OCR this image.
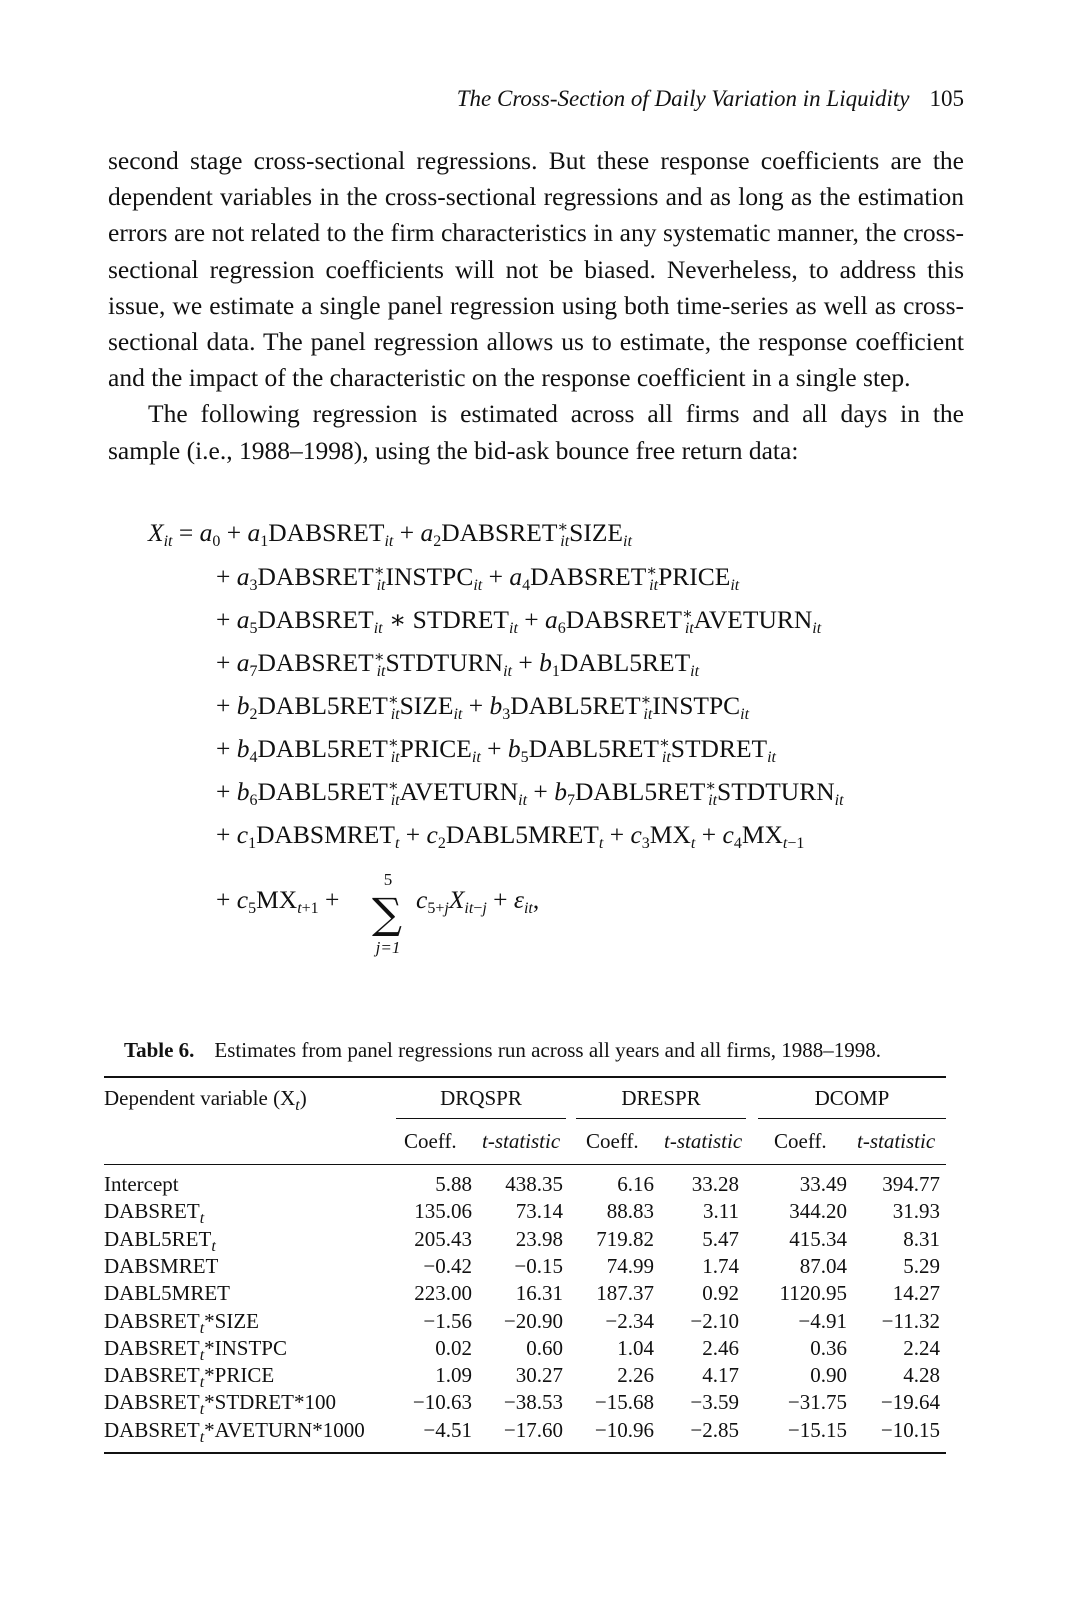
The Cross-Section of Daily Variation in Liquidity 105

second stage cross-sectional regressions. But these response coefficients are the dependent variables in the cross-sectional regressions and as long as the estimation errors are not related to the firm characteristics in any systematic manner, the cross-sectional regression coefficients will not be biased. Neverheless, to address this issue, we estimate a single panel regression using both time-series as well as cross-sectional data. The panel regression allows us to estimate, the response coefficient and the impact of the characteristic on the response coefficient in a single step.

The following regression is estimated across all firms and all days in the sample (i.e., 1988–1998), using the bid-ask bounce free return data:

$X_{it} = a_0$ + $a_1DABSRET_{it}$ + $a_2DABSRET^∗_{it}SIZE_{it}$
+ $a_3DABSRET^∗_{it}INSTPC_{it}$ + $a_4DABSRET^∗_{it}PRICE_{it}$
+ $a_5DABSRET_{it}$ ∗ $STDRET_{it}$ + $a_6DABSRET^∗_{it}AVETURN_{it}$
+ $a_7DABSRET^∗_{it}STDTURN_{it}$ + $b_1DABL5RET_{it}$
+ $b_2DABL5RET^∗_{it}SIZE_{it}$ + $b_3DABL5RET^∗_{it}INSTPC_{it}$
+ $b_4DABL5RET^∗_{it}PRICE_{it}$ + $b_5DABL5RET^∗_{it}STDRET_{it}$
+ $b_6DABL5RET^∗_{it}AVETURN_{it}$ + $b_7DABL5RET^∗_{it}STDTURN_{it}$
+ $c_1DABSMRET_t$ + $c_2DABL5MRET_t + c_3MX_t + c_4MX_{t-1}$
+ $c_5MX_{t+1}$ +
5
∑
j=1
$c_{5+j}X_{it-j} + \varepsilon_{it}$,
Table 6. Estimates from panel regressions run across all years and all firms, 1988–1998.
Dependent variable $(X_t)$	DRQSPR	DRESPR	DCOMP
Coeff. t-statistic Coeff. t-statistic Coeff. t-statistic
Intercept	5.88 438.35	6.16 33.28	33.49 394.77
$DABSRET_t$	135.06 73.14 88.83 3.11 344.20 31.93
$DABL5RET_t$	205.43 23.98 719.82 5.47 415.34	8.31
DABSMRET	−0.42 −0.15 74.99 1.74	87.04	5.29
DABL5MRET	223.00 16.31 187.37 0.92 1120.95 14.27
$DABSRET_t*SIZE$	−1.56 −20.90 −2.34 −2.10	−4.91 −11.32
$DABSRET_t*INSTPC$	0.02	0.60	1.04 2.46	0.36	2.24
$DABSRET_t*PRICE$	1.09 30.27	2.26 4.17	0.90	4.28
$DABSRET_t*STDRET*100$	−10.63 −38.53 −15.68 −3.59 −31.75 −19.64
$DABSRET_t*AVETURN*1000$	−4.51 −17.60 −10.96 −2.85 −15.15 −10.15
